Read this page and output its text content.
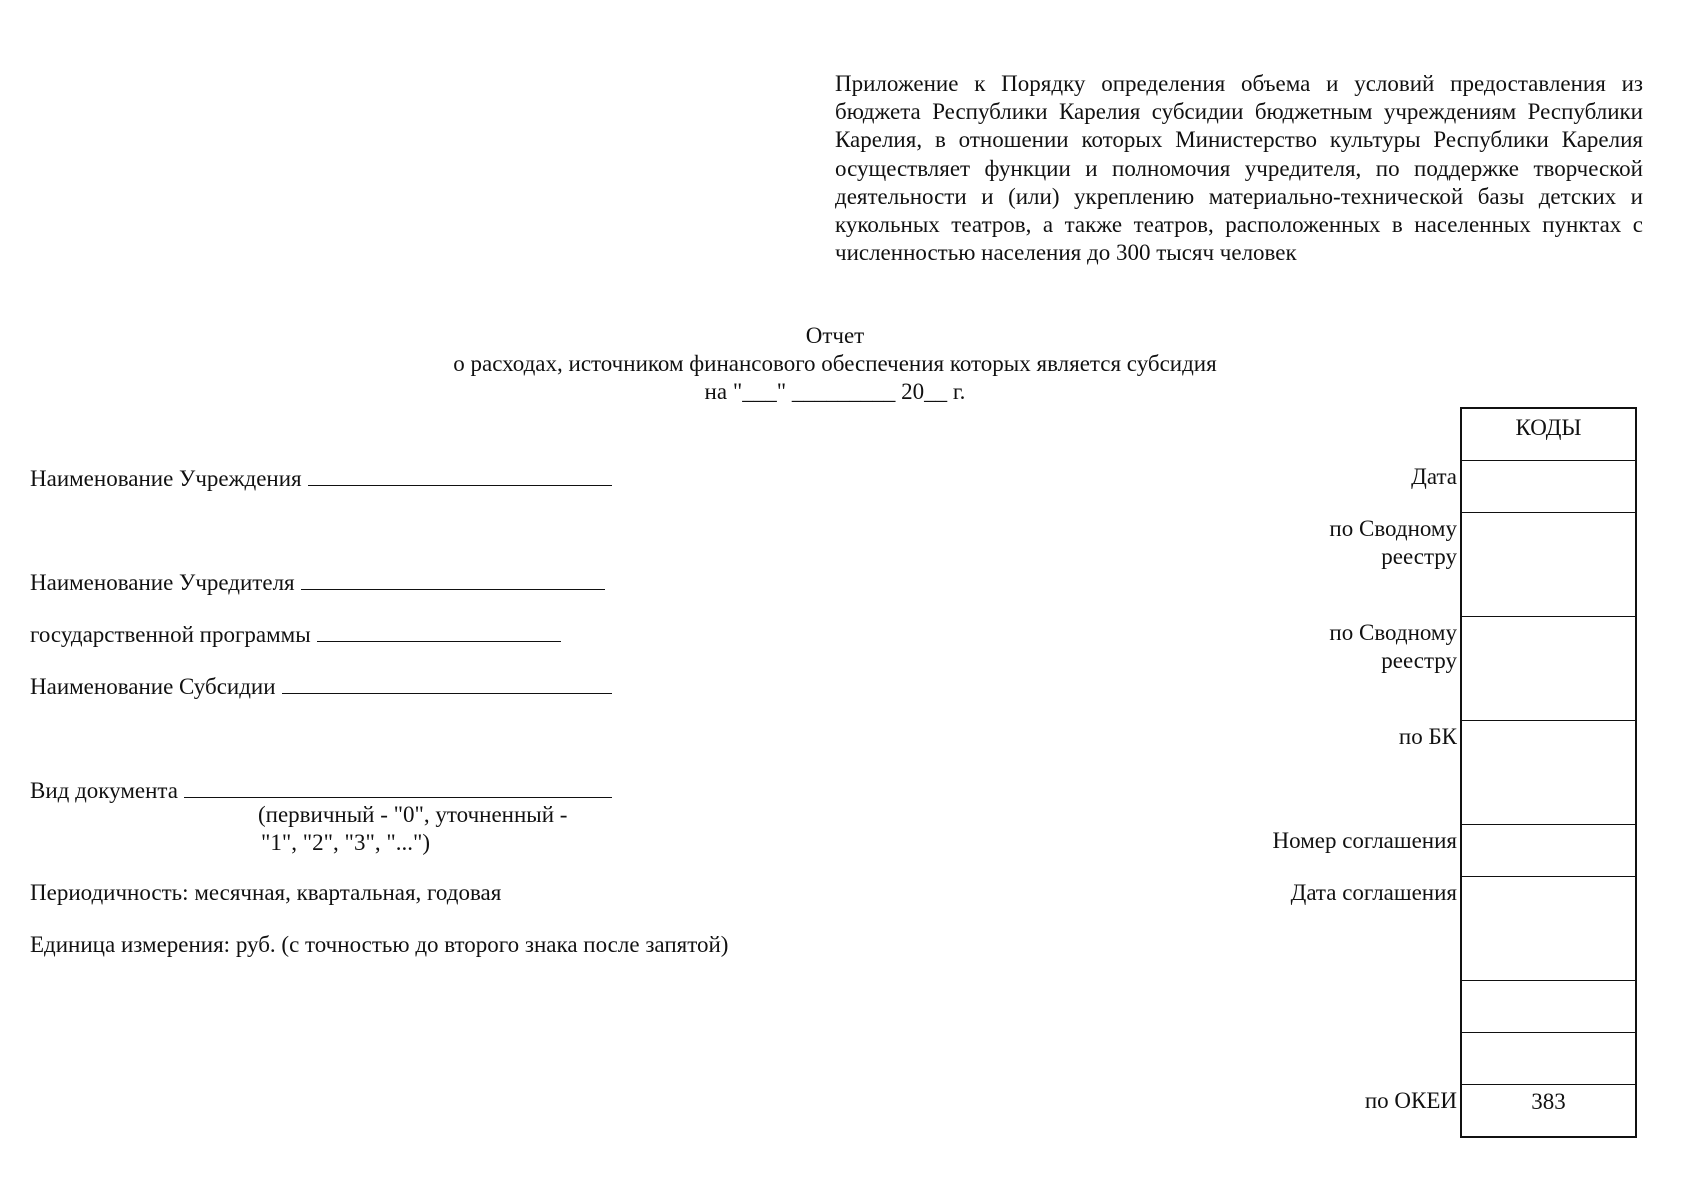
Приложение к Порядку определения объема и условий предоставления из бюджета Республики Карелия субсидии бюджетным учреждениям Республики Карелия, в отношении которых Министерство культуры Республики Карелия осуществляет функции и полномочия учредителя, по поддержке творческой деятельности и (или) укреплению материально-технической базы детских и кукольных театров, а также театров, расположенных в населенных пунктах с численностью населения до 300 тысяч человек
Отчет
о расходах, источником финансового обеспечения которых является субсидия
на "___" _________ 20__ г.
Наименование Учреждения
Наименование Учредителя
государственной программы
Наименование Субсидии
Вид документа
(первичный - "0", уточненный -
"1", "2", "3", "...")
Периодичность: месячная, квартальная, годовая
Единица измерения: руб. (с точностью до второго знака после запятой)
Дата
по Сводному
реестру
по Сводному
реестру
по БК
Номер соглашения
Дата соглашения
по ОКЕИ
КОДЫ
383
